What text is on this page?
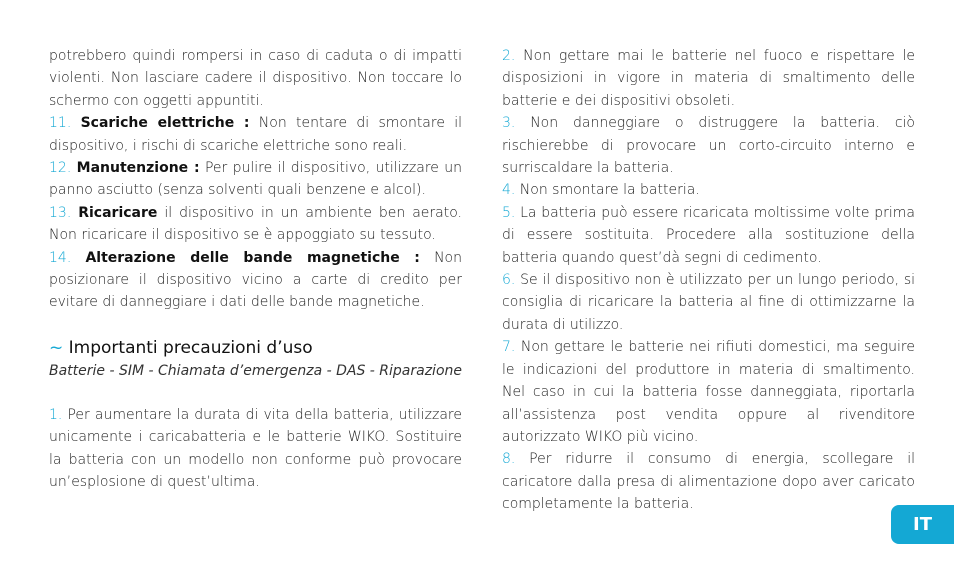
potrebbero quindi rompersi in caso di caduta o di impatti violenti. Non lasciare cadere il dispositivo. Non toccare lo schermo con oggetti appuntiti.

11. Scariche elettriche : Non tentare di smontare il dispositivo, i rischi di scariche elettriche sono reali.

12. Manutenzione : Per pulire il dispositivo, utilizzare un panno asciutto (senza solventi quali benzene e alcol).

13. Ricaricare il dispositivo in un ambiente ben aerato. Non ricaricare il dispositivo se è appoggiato su tessuto.

14. Alterazione delle bande magnetiche : Non posizionare il dispositivo vicino a carte di credito per evitare di danneggiare i dati delle bande magnetiche.

~ Importanti precauzioni d’uso

Batterie - SIM - Chiamata d’emergenza - DAS - Riparazione

1. Per aumentare la durata di vita della batteria, utilizzare unicamente i caricabatteria e le batterie WIKO. Sostituire la batteria con un modello non conforme può provocare un’esplosione di quest’ultima.

2. Non gettare mai le batterie nel fuoco e rispettare le disposizioni in vigore in materia di smaltimento delle batterie e dei dispositivi obsoleti.

3. Non danneggiare o distruggere la batteria. ciò rischierebbe di provocare un corto-circuito interno e surriscaldare la batteria.

4. Non smontare la batteria.

5. La batteria può essere ricaricata moltissime volte prima di essere sostituita. Procedere alla sostituzione della batteria quando quest’dà segni di cedimento.

6. Se il dispositivo non è utilizzato per un lungo periodo, si consiglia di ricaricare la batteria al fine di ottimizzarne la durata di utilizzo.

7. Non gettare le batterie nei rifiuti domestici, ma seguire le indicazioni del produttore in materia di smaltimento. Nel caso in cui la batteria fosse danneggiata, riportarla all’assistenza post vendita oppure al rivenditore autorizzato WIKO più vicino.

8. Per ridurre il consumo di energia, scollegare il caricatore dalla presa di alimentazione dopo aver caricato completamente la batteria.

IT
